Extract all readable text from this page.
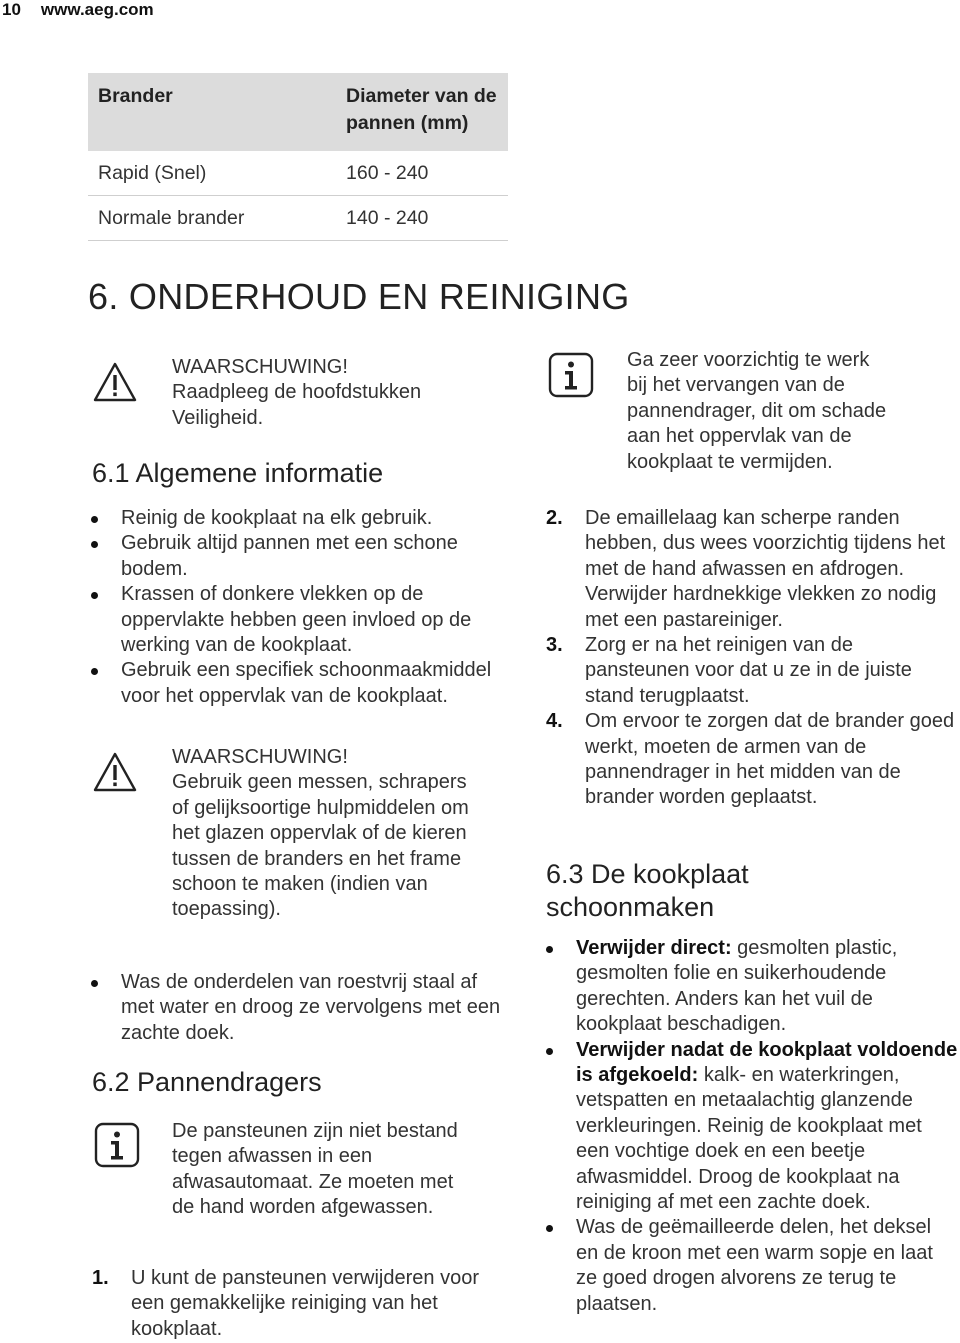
10 www.aeg.com
Brander	Diameter van de pannen (mm)
Rapid (Snel)	160 - 240
Normale brander	140 - 240
6. ONDERHOUD EN REINIGING
WAARSCHUWING!
Raadpleeg de hoofdstukken Veiligheid.
6.1 Algemene informatie
Reinig de kookplaat na elk gebruik.
Gebruik altijd pannen met een schone bodem.
Krassen of donkere vlekken op de oppervlakte hebben geen invloed op de werking van de kookplaat.
Gebruik een specifiek schoonmaakmiddel voor het oppervlak van de kookplaat.
WAARSCHUWING!
Gebruik geen messen, schrapers of gelijksoortige hulpmiddelen om het glazen oppervlak of de kieren tussen de branders en het frame schoon te maken (indien van toepassing).
Was de onderdelen van roestvrij staal af met water en droog ze vervolgens met een zachte doek.
6.2 Pannendragers
De pansteunen zijn niet bestand tegen afwassen in een afwasautomaat. Ze moeten met de hand worden afgewassen.
1. U kunt de pansteunen verwijderen voor een gemakkelijke reiniging van het kookplaat.
Ga zeer voorzichtig te werk bij het vervangen van de pannendrager, dit om schade aan het oppervlak van de kookplaat te vermijden.
2. De emaillelaag kan scherpe randen hebben, dus wees voorzichtig tijdens het met de hand afwassen en afdrogen. Verwijder hardnekkige vlekken zo nodig met een pastareiniger.
3. Zorg er na het reinigen van de pansteunen voor dat u ze in de juiste stand terugplaatst.
4. Om ervoor te zorgen dat de brander goed werkt, moeten de armen van de pannendrager in het midden van de brander worden geplaatst.
6.3 De kookplaat schoonmaken
Verwijder direct: gesmolten plastic, gesmolten folie en suikerhoudende gerechten. Anders kan het vuil de kookplaat beschadigen.
Verwijder nadat de kookplaat voldoende is afgekoeld: kalk- en waterkringen, vetspatten en metaalachtig glanzende verkleuringen. Reinig de kookplaat met een vochtige doek en een beetje afwasmiddel. Droog de kookplaat na reiniging af met een zachte doek.
Was de geëmailleerde delen, het deksel en de kroon met een warm sopje en laat ze goed drogen alvorens ze terug te plaatsen.
